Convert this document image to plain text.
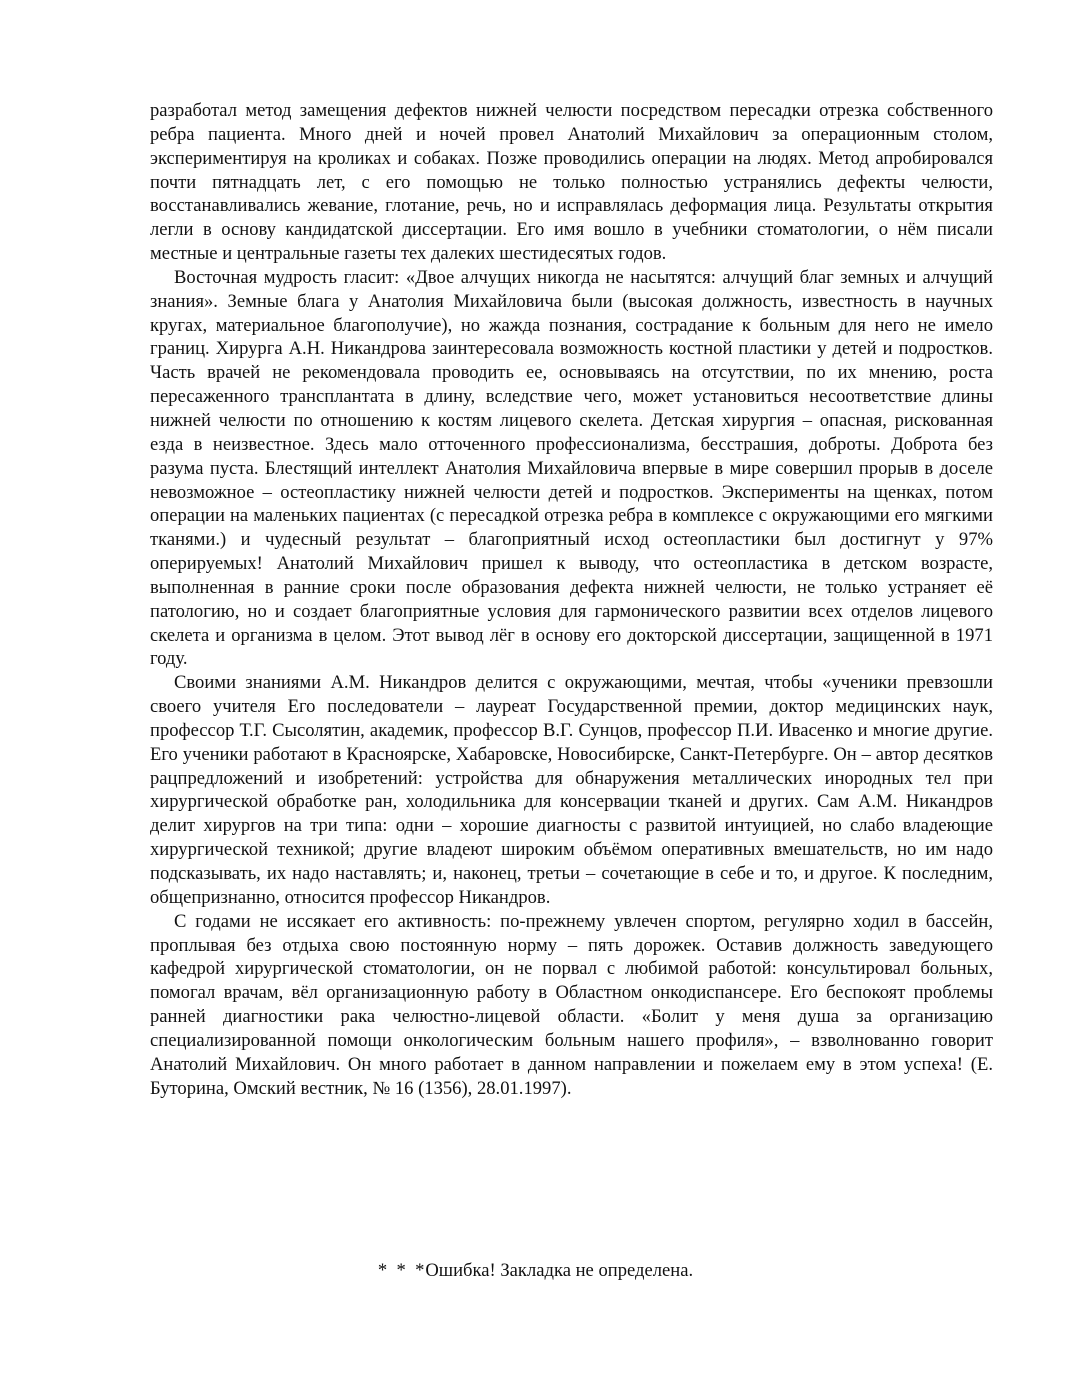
разработал метод замещения дефектов нижней челюсти посредством пересадки отрезка собственного ребра пациента. Много дней и ночей провел Анатолий Михайлович за операционным столом, экспериментируя на кроликах и собаках. Позже проводились операции на людях. Метод апробировался почти пятнадцать лет, с его помощью не только полностью устранялись дефекты челюсти, восстанавливались жевание, глотание, речь, но и исправлялась деформация лица. Результаты открытия легли в основу кандидатской диссертации. Его имя вошло в учебники стоматологии, о нём писали местные и центральные газеты тех далеких шестидесятых годов.

Восточная мудрость гласит: «Двое алчущих никогда не насытятся: алчущий благ земных и алчущий знания». Земные блага у Анатолия Михайловича были (высокая должность, известность в научных кругах, материальное благополучие), но жажда познания, сострадание к больным для него не имело границ. Хирурга А.Н. Никандрова заинтересовала возможность костной пластики у детей и подростков. Часть врачей не рекомендовала проводить ее, основываясь на отсутствии, по их мнению, роста пересаженного трансплантата в длину, вследствие чего, может установиться несоответствие длины нижней челюсти по отношению к костям лицевого скелета. Детская хирургия – опасная, рискованная езда в неизвестное. Здесь мало отточенного профессионализма, бесстрашия, доброты. Доброта без разума пуста. Блестящий интеллект Анатолия Михайловича впервые в мире совершил прорыв в доселе невозможное – остеопластику нижней челюсти детей и подростков. Эксперименты на щенках, потом операции на маленьких пациентах (с пересадкой отрезка ребра в комплексе с окружающими его мягкими тканями.) и чудесный результат – благоприятный исход остеопластики был достигнут у 97% оперируемых! Анатолий Михайлович пришел к выводу, что остеопластика в детском возрасте, выполненная в ранние сроки после образования дефекта нижней челюсти, не только устраняет её патологию, но и создает благоприятные условия для гармонического развитии всех отделов лицевого скелета и организма в целом. Этот вывод лёг в основу его докторской диссертации, защищенной в 1971 году.

Своими знаниями А.М. Никандров делится с окружающими, мечтая, чтобы «ученики превзошли своего учителя Его последователи – лауреат Государственной премии, доктор медицинских наук, профессор Т.Г. Сысолятин, академик, профессор В.Г. Сунцов, профессор П.И. Ивасенко и многие другие. Его ученики работают в Красноярске, Хабаровске, Новосибирске, Санкт-Петербурге. Он – автор десятков рацпредложений и изобретений: устройства для обнаружения металлических инородных тел при хирургической обработке ран, холодильника для консервации тканей и других. Сам А.М. Никандров делит хирургов на три типа: одни – хорошие диагносты с развитой интуицией, но слабо владеющие хирургической техникой; другие владеют широким объёмом оперативных вмешательств, но им надо подсказывать, их надо наставлять; и, наконец, третьи – сочетающие в себе и то, и другое. К последним, общепризнанно, относится профессор Никандров.

С годами не иссякает его активность: по-прежнему увлечен спортом, регулярно ходил в бассейн, проплывая без отдыха свою постоянную норму – пять дорожек. Оставив должность заведующего кафедрой хирургической стоматологии, он не порвал с любимой работой: консультировал больных, помогал врачам, вёл организационную работу в Областном онкодиспансере. Его беспокоят проблемы ранней диагностики рака челюстно-лицевой области. «Болит у меня душа за организацию специализированной помощи онкологическим больным нашего профиля», – взволнованно говорит Анатолий Михайлович. Он много работает в данном направлении и пожелаем ему в этом успеха! (Е. Буторина, Омский вестник, № 16 (1356), 28.01.1997).

*  *  *Ошибка! Закладка не определена.
